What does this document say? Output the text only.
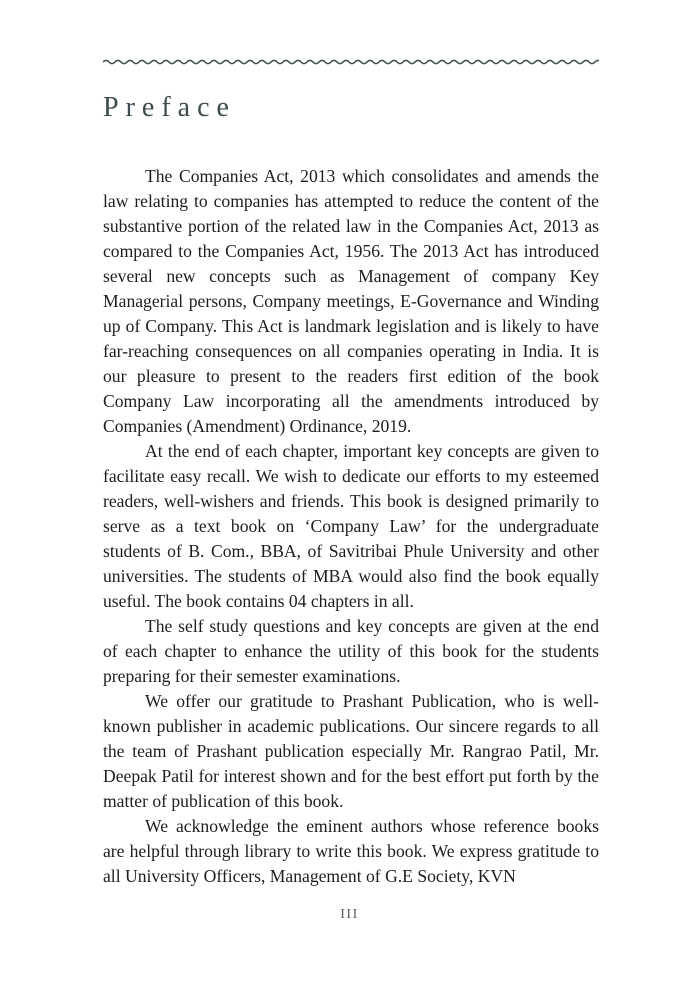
Preface

The Companies Act, 2013 which consolidates and amends the law relating to companies has attempted to reduce the content of the substantive portion of the related law in the Companies Act, 2013 as compared to the Companies Act, 1956. The 2013 Act has introduced several new concepts such as Management of company Key Managerial persons, Company meetings, E-Governance and Winding up of Company. This Act is landmark legislation and is likely to have far-reaching consequences on all companies operating in India. It is our pleasure to present to the readers first edition of the book Company Law incorporating all the amendments introduced by Companies (Amendment) Ordinance, 2019.

At the end of each chapter, important key concepts are given to facilitate easy recall. We wish to dedicate our efforts to my esteemed readers, well-wishers and friends. This book is designed primarily to serve as a text book on ‘Company Law’ for the undergraduate students of B. Com., BBA, of Savitribai Phule University and other universities. The students of MBA would also find the book equally useful. The book contains 04 chapters in all.

The self study questions and key concepts are given at the end of each chapter to enhance the utility of this book for the students preparing for their semester examinations.

We offer our gratitude to Prashant Publication, who is well-known publisher in academic publications. Our sincere regards to all the team of Prashant publication especially Mr. Rangrao Patil, Mr. Deepak Patil for interest shown and for the best effort put forth by the matter of publication of this book.

We acknowledge the eminent authors whose reference books are helpful through library to write this book. We express gratitude to all University Officers, Management of G.E Society, KVN

III
